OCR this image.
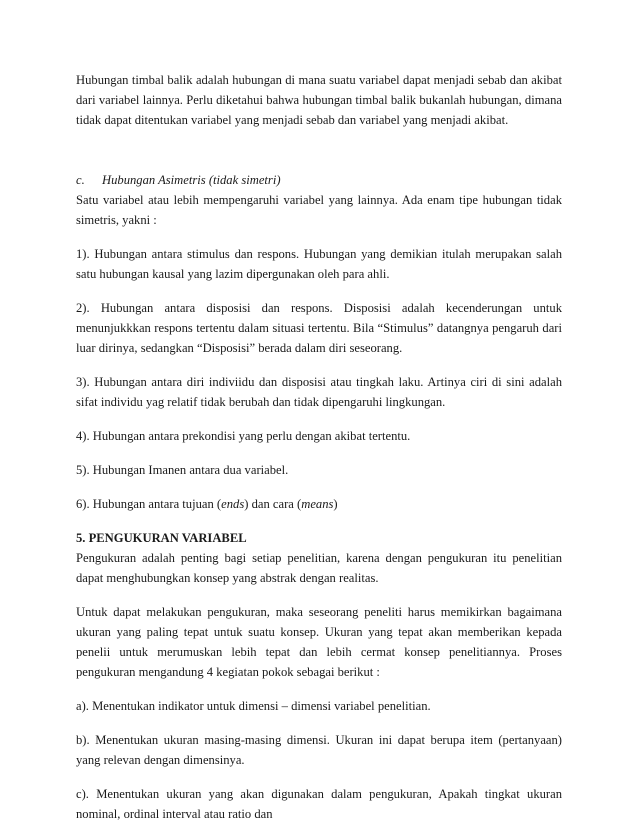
Hubungan timbal balik adalah hubungan di mana suatu variabel dapat menjadi sebab dan akibat dari variabel lainnya. Perlu diketahui bahwa hubungan timbal balik bukanlah hubungan, dimana tidak dapat ditentukan variabel yang menjadi sebab dan variabel yang menjadi akibat.

c. Hubungan Asimetris (tidak simetri)

Satu variabel atau lebih mempengaruhi variabel yang lainnya. Ada enam tipe hubungan tidak simetris, yakni :

1). Hubungan antara stimulus dan respons. Hubungan yang demikian itulah merupakan salah satu hubungan kausal yang lazim dipergunakan oleh para ahli.

2). Hubungan antara disposisi dan respons. Disposisi adalah kecenderungan untuk menunjukkkan respons tertentu dalam situasi tertentu. Bila “Stimulus” datangnya pengaruh dari luar dirinya, sedangkan “Disposisi” berada dalam diri seseorang.

3). Hubungan antara diri indiviidu dan disposisi atau tingkah laku. Artinya ciri di sini adalah sifat individu yag relatif tidak berubah dan tidak dipengaruhi lingkungan.

4). Hubungan antara prekondisi yang perlu dengan akibat tertentu.

5). Hubungan Imanen antara dua variabel.

6). Hubungan antara tujuan (ends) dan cara (means)

5. PENGUKURAN VARIABEL

Pengukuran adalah penting bagi setiap penelitian, karena dengan pengukuran itu penelitian dapat menghubungkan konsep yang abstrak dengan realitas.

Untuk dapat melakukan pengukuran, maka seseorang peneliti harus memikirkan bagaimana ukuran yang paling tepat untuk suatu konsep. Ukuran yang tepat akan memberikan kepada penelii untuk merumuskan lebih tepat dan lebih cermat konsep penelitiannya. Proses pengukuran mengandung 4 kegiatan pokok sebagai berikut :

a). Menentukan indikator untuk dimensi – dimensi variabel penelitian.

b). Menentukan ukuran masing-masing dimensi. Ukuran ini dapat berupa item (pertanyaan) yang relevan dengan dimensinya.

c). Menentukan ukuran yang akan digunakan dalam pengukuran, Apakah tingkat ukuran nominal, ordinal interval atau ratio dan
